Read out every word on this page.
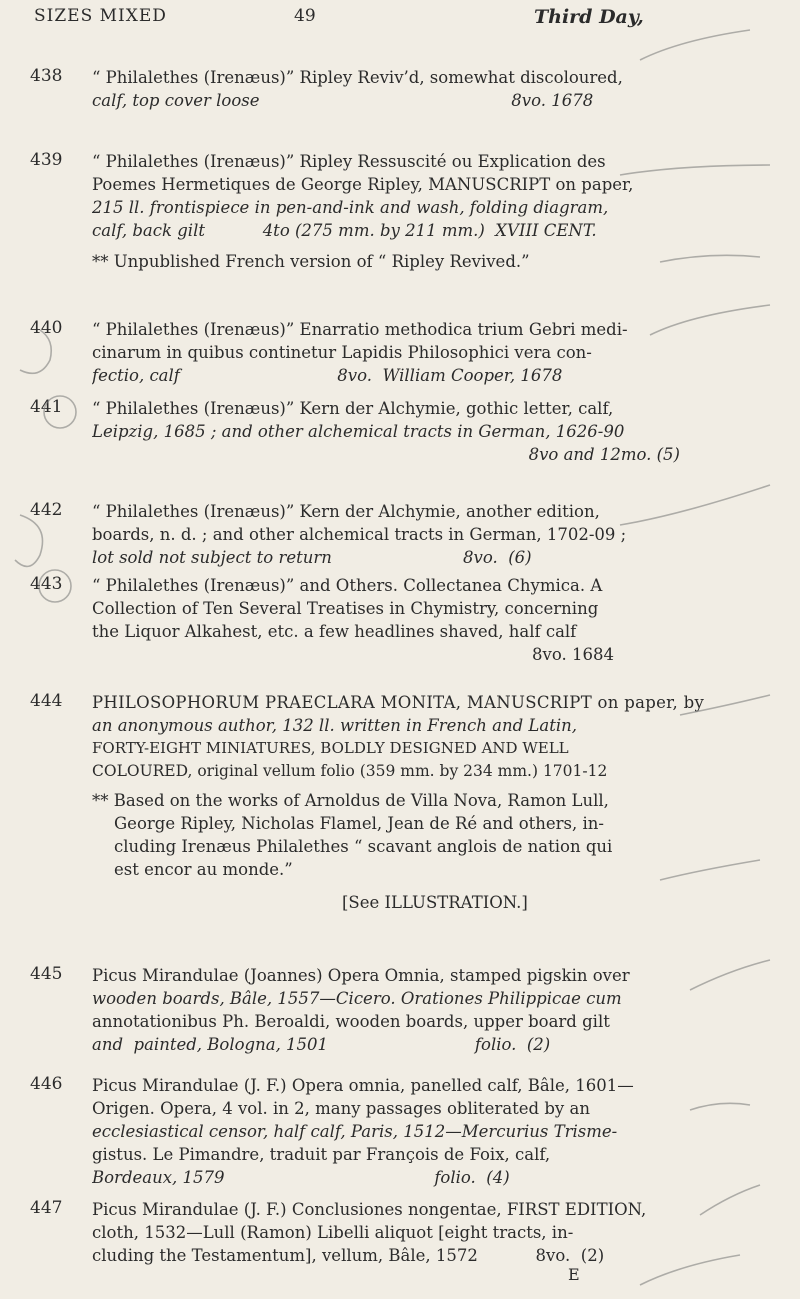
SIZES MIXED	49	Third Day,
438	“ Philalethes (Irenæus)” Ripley Reviv’d, somewhat discoloured,
calf, top cover loose                                                8vo. 1678
439	“ Philalethes (Irenæus)” Ripley Ressuscité ou Explication des
Poemes Hermetiques de George Ripley, MANUSCRIPT on paper,
215 ll. frontispiece in pen-and-ink and wash, folding diagram,
calf, back gilt           4to (275 mm. by 211 mm.)  XVIII CENT.
** Unpublished French version of “ Ripley Revived.”
440	“ Philalethes (Irenæus)” Enarratio methodica trium Gebri medi-
cinarum in quibus continetur Lapidis Philosophici vera con-
fectio, calf                              8vo.  William Cooper, 1678
441	“ Philalethes (Irenæus)” Kern der Alchymie, gothic letter, calf,
Leipzig, 1685 ; and other alchemical tracts in German, 1626-90
8vo and 12mo. (5)
442	“ Philalethes (Irenæus)” Kern der Alchymie, another edition,
boards, n. d. ; and other alchemical tracts in German, 1702-09 ;
lot sold not subject to return                         8vo.  (6)
443	“ Philalethes (Irenæus)” and Others. Collectanea Chymica. A
Collection of Ten Several Treatises in Chymistry, concerning
the Liquor Alkahest, etc. a few headlines shaved, half calf
8vo. 1684
444	PHILOSOPHORUM PRAECLARA MONITA, MANUSCRIPT on paper, by
an anonymous author, 132 ll. written in French and Latin,
FORTY-EIGHT MINIATURES, BOLDLY DESIGNED AND WELL
COLOURED, original vellum folio (359 mm. by 234 mm.) 1701-12
** Based on the works of Arnoldus de Villa Nova, Ramon Lull,
George Ripley, Nicholas Flamel, Jean de Ré and others, in-
cluding Irenæus Philalethes “ scavant anglois de nation qui
est encor au monde.”
[See ILLUSTRATION.]
445	Picus Mirandulae (Joannes) Opera Omnia, stamped pigskin over
wooden boards, Bâle, 1557—Cicero. Orationes Philippicae cum
annotationibus Ph. Beroaldi, wooden boards, upper board gilt
and  painted, Bologna, 1501                            folio.  (2)
446	Picus Mirandulae (J. F.) Opera omnia, panelled calf, Bâle, 1601—
Origen. Opera, 4 vol. in 2, many passages obliterated by an
ecclesiastical censor, half calf, Paris, 1512—Mercurius Trisme-
gistus. Le Pimandre, traduit par François de Foix, calf,
Bordeaux, 1579                                        folio.  (4)
447	Picus Mirandulae (J. F.) Conclusiones nongentae, FIRST EDITION,
cloth, 1532—Lull (Ramon) Libelli aliquot [eight tracts, in-
cluding the Testamentum], vellum, Bâle, 1572           8vo.  (2)
E
